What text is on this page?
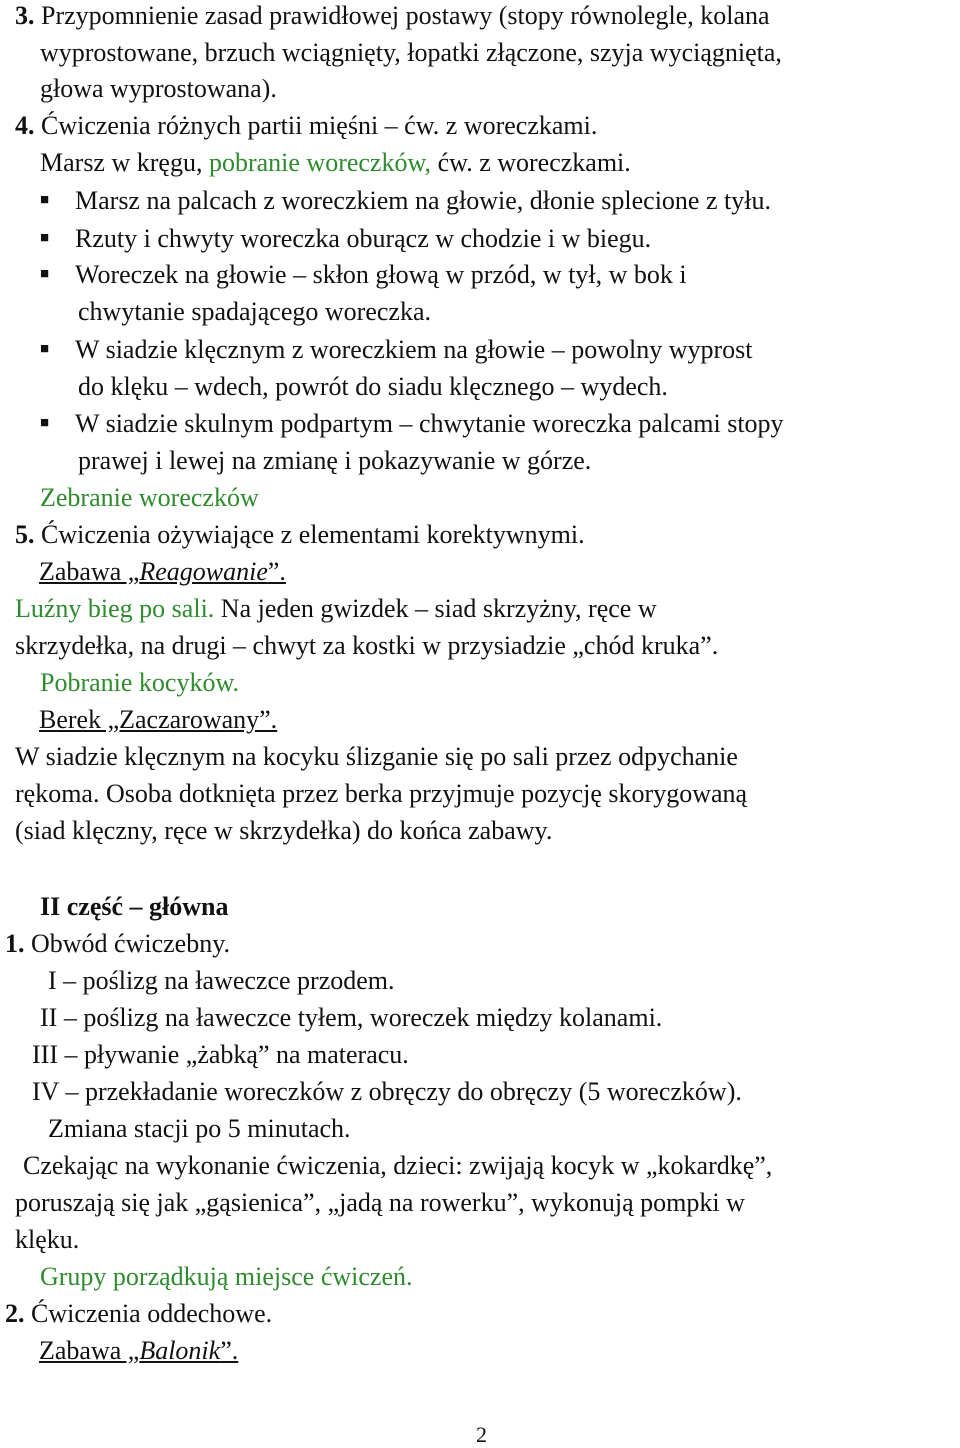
3. Przypomnienie zasad prawidłowej postawy (stopy równolegle, kolana
wyprostowane, brzuch wciągnięty, łopatki złączone, szyja wyciągnięta,
głowa wyprostowana).
4. Ćwiczenia różnych partii mięśni – ćw. z woreczkami.
Marsz w kręgu, pobranie woreczków, ćw. z woreczkami.
■ Marsz na palcach z woreczkiem na głowie, dłonie splecione z tyłu.
■ Rzuty i chwyty woreczka oburącz w chodzie i w biegu.
■ Woreczek na głowie – skłon głową w przód, w tył, w bok i
chwytanie spadającego woreczka.
■ W siadzie klęcznym z woreczkiem na głowie – powolny wyprost
do klęku – wdech, powrót do siadu klęcznego – wydech.
■ W siadzie skulnym podpartym – chwytanie woreczka palcami stopy
prawej i lewej na zmianę i pokazywanie w górze.
Zebranie woreczków
5. Ćwiczenia ożywiające z elementami korektywnymi.
Zabawa „Reagowanie”.
Luźny bieg po sali. Na jeden gwizdek – siad skrzyżny, ręce w
skrzydełka, na drugi – chwyt za kostki w przysiadzie „chód kruka”.
Pobranie kocyków.
Berek „Zaczarowany”.
W siadzie klęcznym na kocyku ślizganie się po sali przez odpychanie
rękoma. Osoba dotknięta przez berka przyjmuje pozycję skorygowaną
(siad klęczny, ręce w skrzydełka) do końca zabawy.
II część – główna
1. Obwód ćwiczebny.
I – poślizg na ławeczce przodem.
II – poślizg na ławeczce tyłem, woreczek między kolanami.
III – pływanie „żabką” na materacu.
IV – przekładanie woreczków z obręczy do obręczy (5 woreczków).
Zmiana stacji po 5 minutach.
Czekając na wykonanie ćwiczenia, dzieci: zwijają kocyk w „kokardkę”,
poruszają się jak „gąsienica”, „jadą na rowerku”, wykonują pompki w
klęku.
Grupy porządkują miejsce ćwiczeń.
2. Ćwiczenia oddechowe.
Zabawa „Balonik”.
2
